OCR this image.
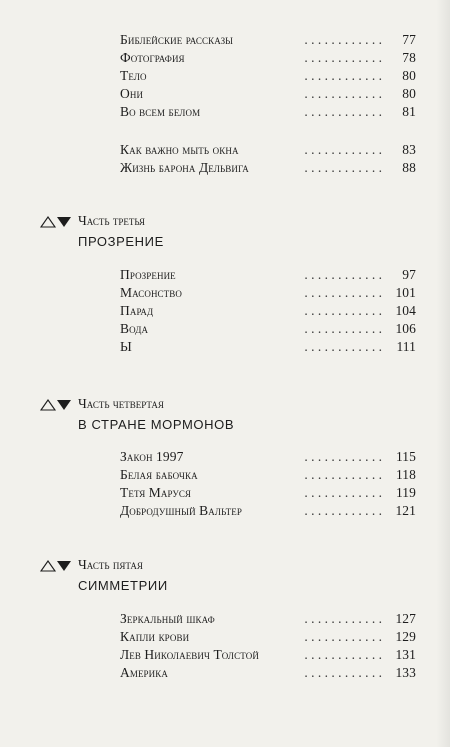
. . . . . . . . . . . .
Библейские рассказы	77
. . . . . . . . . . . .
Фотография	78
. . . . . . . . . . . .
Тело	80
. . . . . . . . . . . .
Они	80
. . . . . . . . . . . .
Во всем белом	81
. . . . . . . . . . . .
Как важно мыть окна	83
. . . . . . . . . . . .
Жизнь барона Дельвига	88
Часть третья
ПРОЗРЕНИЕ
. . . . . . . . . . . .
Прозрение	97
. . . . . . . . . . . .
Масонство	101
. . . . . . . . . . . .
Парад	104
. . . . . . . . . . . .
Вода	106
. . . . . . . . . . . .
Ы	111
Часть четвертая
В СТРАНЕ МОРМОНОВ
. . . . . . . . . . . .
Закон 1997	115
. . . . . . . . . . . .
Белая бабочка	118
. . . . . . . . . . . .
Тетя Маруся	119
. . . . . . . . . . . .
Добродушный Вальтер	121
Часть пятая
СИММЕТРИИ
. . . . . . . . . . . .
Зеркальный шкаф	127
. . . . . . . . . . . .
Капли крови	129
. . . . . . . . . . . .
Лев Николаевич Толстой	131
. . . . . . . . . . . .
Америка	133
